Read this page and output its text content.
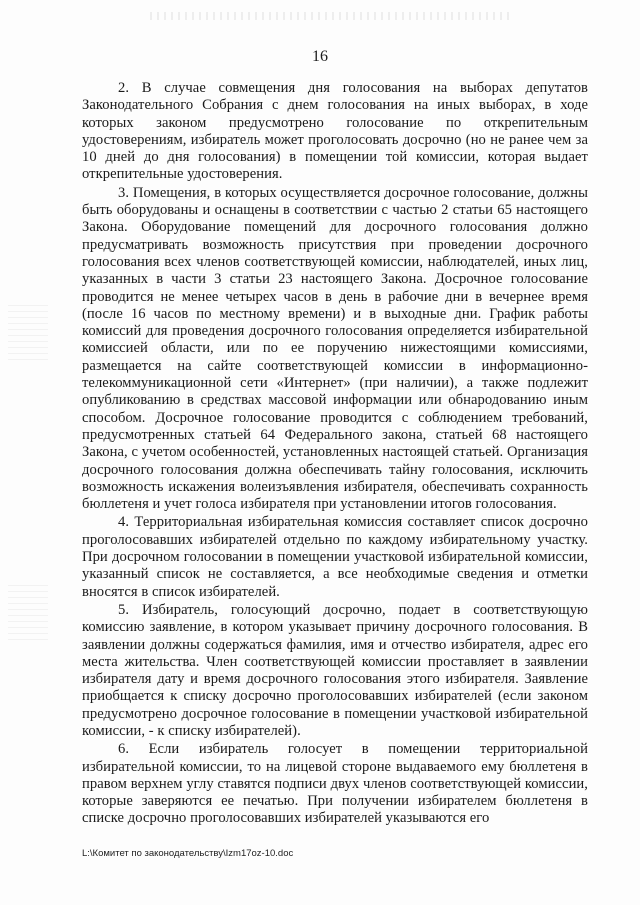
16

2. В случае совмещения дня голосования на выборах депутатов Законодательного Собрания с днем голосования на иных выборах, в ходе которых законом предусмотрено голосование по открепительным удостоверениям, избиратель может проголосовать досрочно (но не ранее чем за 10 дней до дня голосования) в помещении той комиссии, которая выдает открепительные удостоверения.

3. Помещения, в которых осуществляется досрочное голосование, должны быть оборудованы и оснащены в соответствии с частью 2 статьи 65 настоящего Закона. Оборудование помещений для досрочного голосования должно предусматривать возможность присутствия при проведении досрочного голосования всех членов соответствующей комиссии, наблюдателей, иных лиц, указанных в части 3 статьи 23 настоящего Закона. Досрочное голосование проводится не менее четырех часов в день в рабочие дни в вечернее время (после 16 часов по местному времени) и в выходные дни. График работы комиссий для проведения досрочного голосования определяется избирательной комиссией области, или по ее поручению нижестоящими комиссиями, размещается на сайте соответствующей комиссии в информационно-телекоммуникационной сети «Интернет» (при наличии), а также подлежит опубликованию в средствах массовой информации или обнародованию иным способом. Досрочное голосование проводится с соблюдением требований, предусмотренных статьей 64 Федерального закона, статьей 68 настоящего Закона, с учетом особенностей, установленных настоящей статьей. Организация досрочного голосования должна обеспечивать тайну голосования, исключить возможность искажения волеизъявления избирателя, обеспечивать сохранность бюллетеня и учет голоса избирателя при установлении итогов голосования.

4. Территориальная избирательная комиссия составляет список досрочно проголосовавших избирателей отдельно по каждому избирательному участку. При досрочном голосовании в помещении участковой избирательной комиссии, указанный список не составляется, а все необходимые сведения и отметки вносятся в список избирателей.

5. Избиратель, голосующий досрочно, подает в соответствующую комиссию заявление, в котором указывает причину досрочного голосования. В заявлении должны содержаться фамилия, имя и отчество избирателя, адрес его места жительства. Член соответствующей комиссии проставляет в заявлении избирателя дату и время досрочного голосования этого избирателя. Заявление приобщается к списку досрочно проголосовавших избирателей (если законом предусмотрено досрочное голосование в помещении участковой избирательной комиссии, - к списку избирателей).

6. Если избиратель голосует в помещении территориальной избирательной комиссии, то на лицевой стороне выдаваемого ему бюллетеня в правом верхнем углу ставятся подписи двух членов соответствующей комиссии, которые заверяются ее печатью. При получении избирателем бюллетеня в списке досрочно проголосовавших избирателей указываются его

L:\Комитет по законодательству\Izm17oz-10.doc
